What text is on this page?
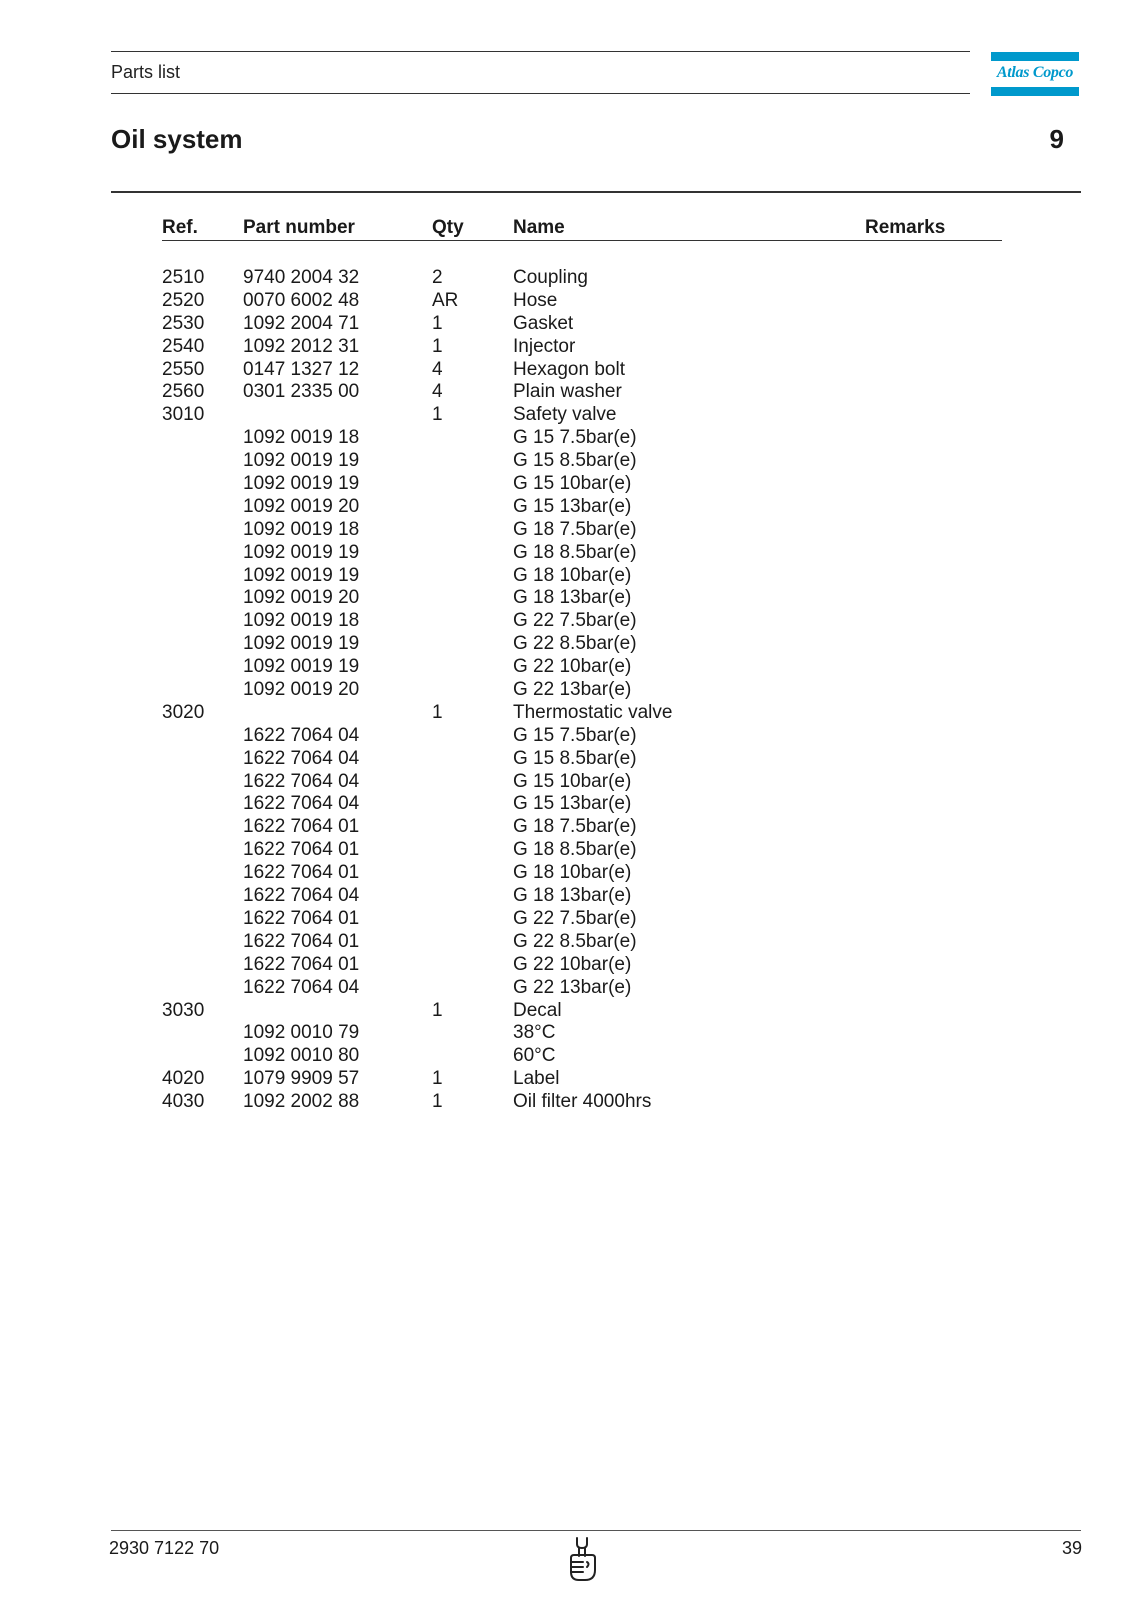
Parts list	Atlas Copco
Oil system	9
Ref. Part number	Qty	Name	Remarks
2510 9740 2004 32	2	Coupling
2520 0070 6002 48	AR	Hose
2530 1092 2004 71	1	Gasket
2540 1092 2012 31	1	Injector
2550 0147 1327 12	4	Hexagon bolt
2560 0301 2335 00	4	Plain washer
3010	1	Safety valve
1092 0019 18	G 15 7.5bar(e)
1092 0019 19	G 15 8.5bar(e)
1092 0019 19	G 15 10bar(e)
1092 0019 20	G 15 13bar(e)
1092 0019 18	G 18 7.5bar(e)
1092 0019 19	G 18 8.5bar(e)
1092 0019 19	G 18 10bar(e)
1092 0019 20	G 18 13bar(e)
1092 0019 18	G 22 7.5bar(e)
1092 0019 19	G 22 8.5bar(e)
1092 0019 19	G 22 10bar(e)
1092 0019 20	G 22 13bar(e)
3020	1	Thermostatic valve
1622 7064 04	G 15 7.5bar(e)
1622 7064 04	G 15 8.5bar(e)
1622 7064 04	G 15 10bar(e)
1622 7064 04	G 15 13bar(e)
1622 7064 01	G 18 7.5bar(e)
1622 7064 01	G 18 8.5bar(e)
1622 7064 01	G 18 10bar(e)
1622 7064 04	G 18 13bar(e)
1622 7064 01	G 22 7.5bar(e)
1622 7064 01	G 22 8.5bar(e)
1622 7064 01	G 22 10bar(e)
1622 7064 04	G 22 13bar(e)
3030	1	Decal
1092 0010 79	38°C
1092 0010 80	60°C
4020 1079 9909 57	1	Label
4030 1092 2002 88	1	Oil filter 4000hrs
2930 7122 70	39
